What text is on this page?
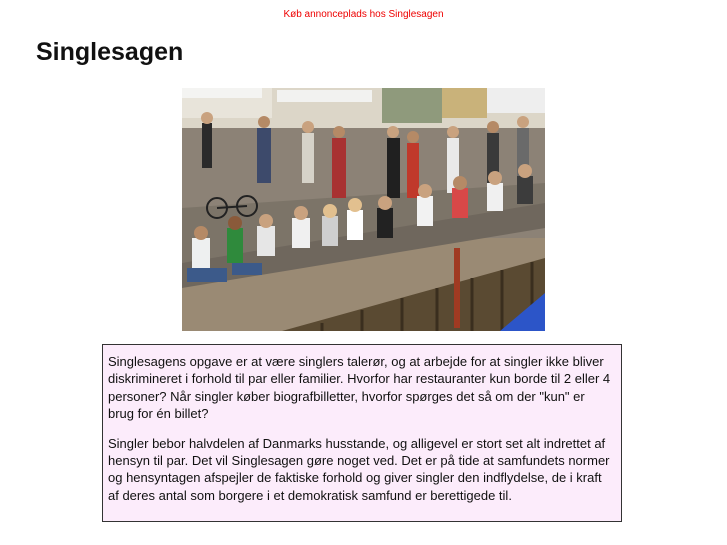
Køb annonceplads hos Singlesagen
Singlesagen

Singlesagens opgave er at være singlers talerør, og at arbejde for at singler ikke bliver diskrimineret i forhold til par eller familier. Hvorfor har restauranter kun borde til 2 eller 4 personer? Når singler køber biografbilletter, hvorfor spørges det så om der "kun" er brug for én billet?

Singler bebor halvdelen af Danmarks husstande, og alligevel er stort set alt indrettet af hensyn til par. Det vil Singlesagen gøre noget ved. Det er på tide at samfundets normer og hensyntagen afspejler de faktiske forhold og giver singler den indflydelse, de i kraft af deres antal som borgere i et demokratisk samfund er berettigede til.
